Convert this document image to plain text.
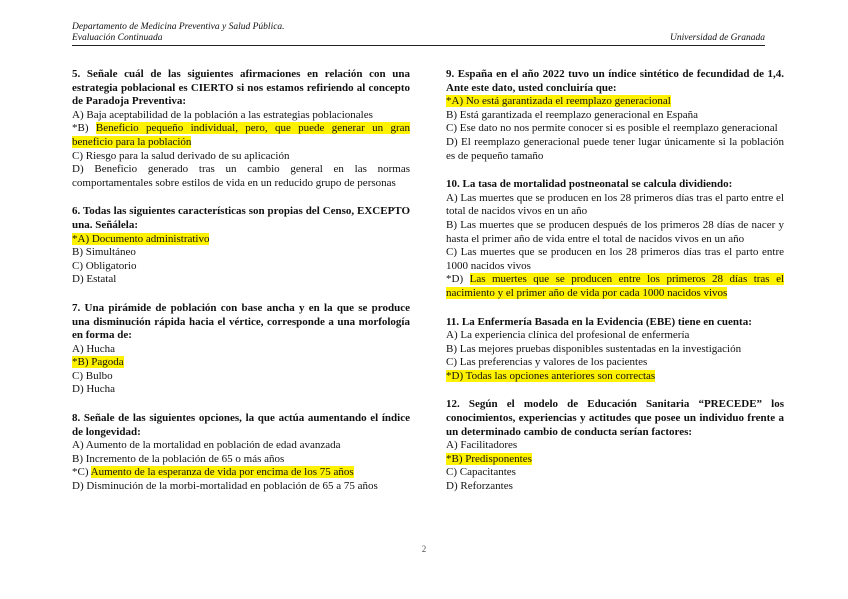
Departamento de Medicina Preventiva y Salud Pública.
Evaluación Continuada	Universidad de Granada

5. Señale cuál de las siguientes afirmaciones en relación con una estrategia poblacional es CIERTO si nos estamos refiriendo al concepto de Paradoja Preventiva:

A) Baja aceptabilidad de la población a las estrategias poblacionales

*B) Beneficio pequeño individual, pero, que puede generar un gran beneficio para la población

C) Riesgo para la salud derivado de su aplicación

D) Beneficio generado tras un cambio general en las normas comportamentales sobre estilos de vida en un reducido grupo de personas

6. Todas las siguientes características son propias del Censo, EXCEPTO una. Señálela:

*A) Documento administrativo

B) Simultáneo

C) Obligatorio

D) Estatal

7. Una pirámide de población con base ancha y en la que se produce una disminución rápida hacia el vértice, corresponde a una morfología en forma de:

A) Hucha

*B) Pagoda

C) Bulbo

D) Hucha

8. Señale de las siguientes opciones, la que actúa aumentando el índice de longevidad:

A) Aumento de la mortalidad en población de edad avanzada

B) Incremento de la población de 65 o más años

*C) Aumento de la esperanza de vida por encima de los 75 años

D) Disminución de la morbi-mortalidad en población de 65 a 75 años

9. España en el año 2022 tuvo un índice sintético de fecundidad de 1,4. Ante este dato, usted concluiría que:

*A) No está garantizada el reemplazo generacional

B) Está garantizada el reemplazo generacional en España

C) Ese dato no nos permite conocer si es posible el reemplazo generacional

D) El reemplazo generacional puede tener lugar únicamente si la población es de pequeño tamaño

10. La tasa de mortalidad postneonatal se calcula dividiendo:

A) Las muertes que se producen en los 28 primeros días tras el parto entre el total de nacidos vivos en un año

B) Las muertes que se producen después de los primeros 28 días de nacer y hasta el primer año de vida entre el total de nacidos vivos en un año

C) Las muertes que se producen en los 28 primeros días tras el parto entre 1000 nacidos vivos

*D) Las muertes que se producen entre los primeros 28 días tras el nacimiento y el primer año de vida por cada 1000 nacidos vivos

11. La Enfermería Basada en la Evidencia (EBE) tiene en cuenta:

A) La experiencia clínica del profesional de enfermería

B) Las mejores pruebas disponibles sustentadas en la investigación

C) Las preferencias y valores de los pacientes

*D) Todas las opciones anteriores son correctas

12. Según el modelo de Educación Sanitaria “PRECEDE” los conocimientos, experiencias y actitudes que posee un individuo frente a un determinado cambio de conducta serían factores:

A) Facilitadores

*B) Predisponentes

C) Capacitantes

D) Reforzantes

2
